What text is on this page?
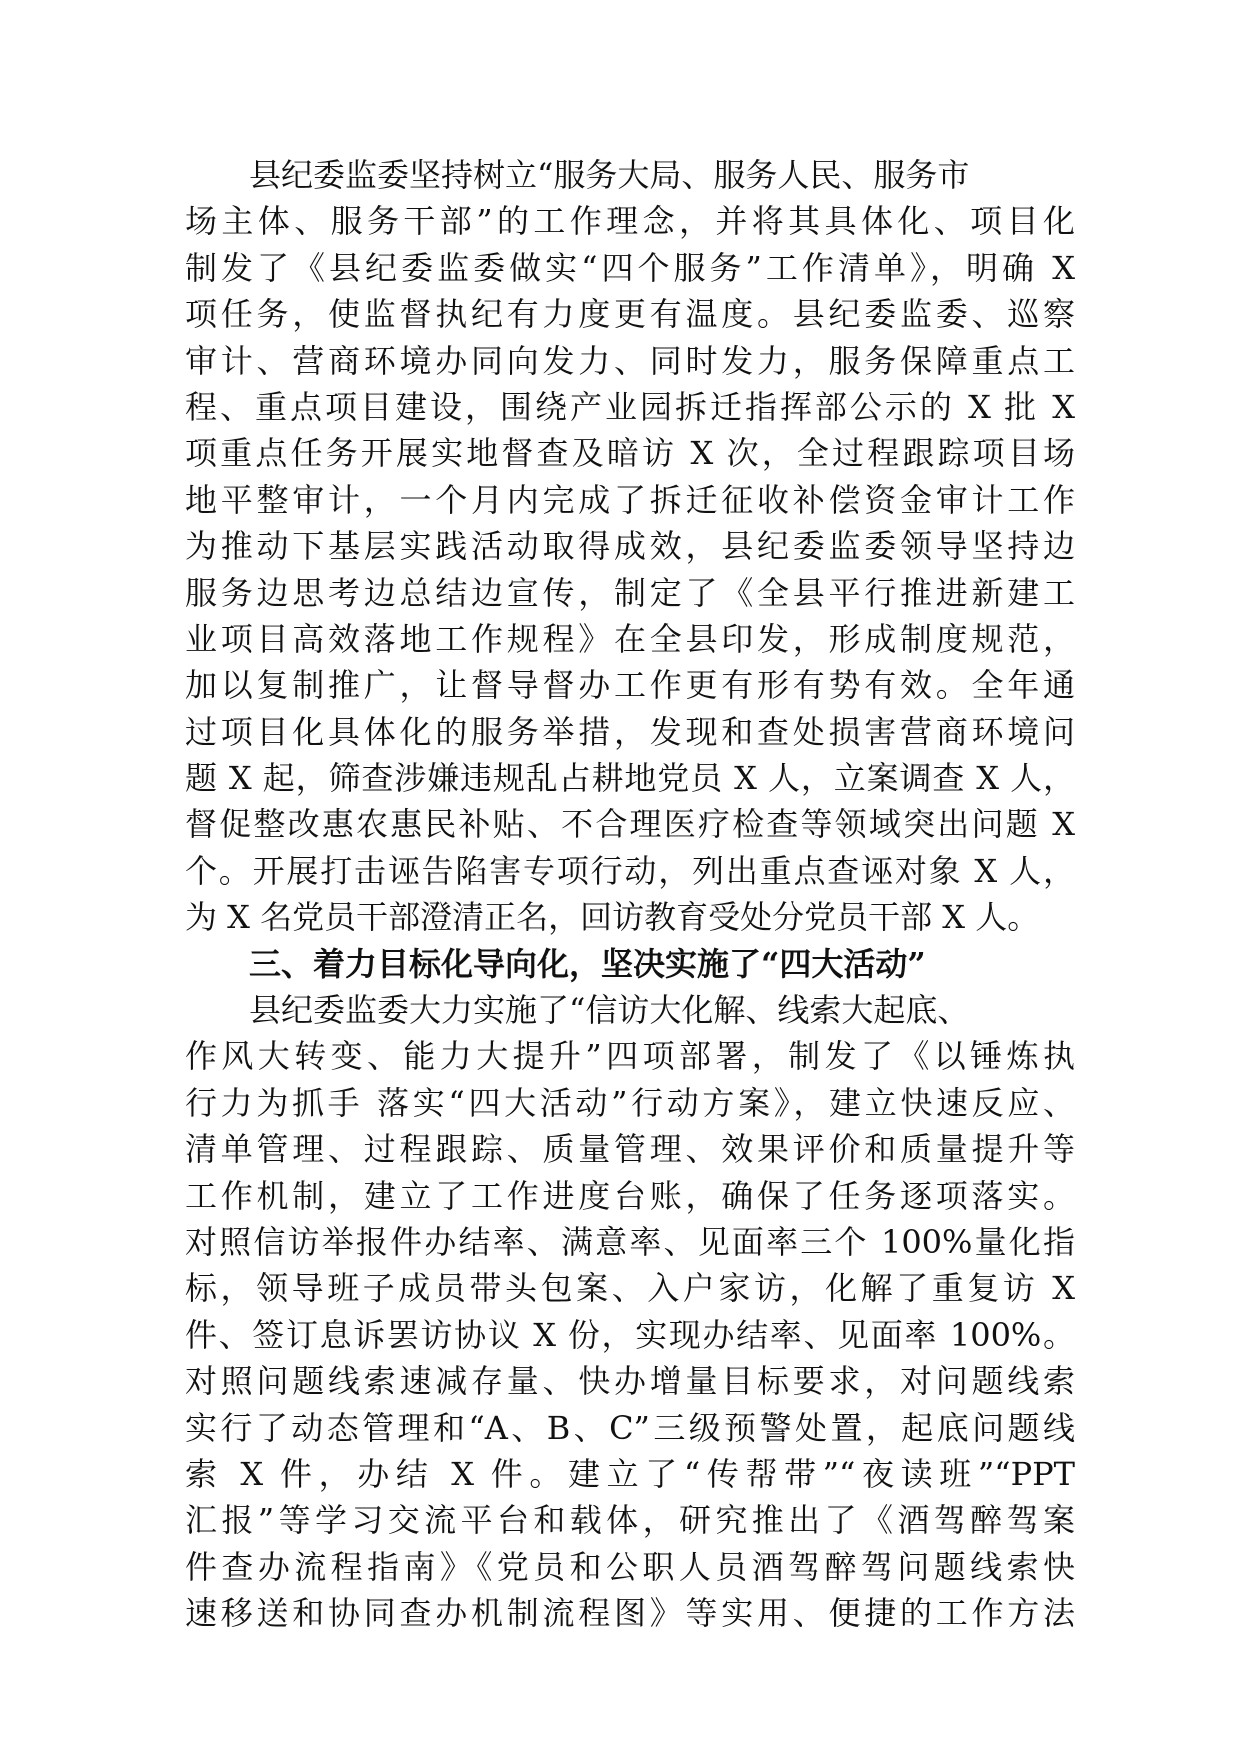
县纪委监委坚持树立“服务大局、服务人民、服务市
场主体、服务干部”的工作理念，并将其具体化、项目化
制发了《县纪委监委做实“四个服务”工作清单》，明确 X
项任务，使监督执纪有力度更有温度。县纪委监委、巡察
审计、营商环境办同向发力、同时发力，服务保障重点工
程、重点项目建设，围绕产业园拆迁指挥部公示的 X 批 X
项重点任务开展实地督查及暗访 X 次，全过程跟踪项目场
地平整审计，一个月内完成了拆迁征收补偿资金审计工作
为推动下基层实践活动取得成效，县纪委监委领导坚持边
服务边思考边总结边宣传，制定了《全县平行推进新建工
业项目高效落地工作规程》在全县印发，形成制度规范，
加以复制推广，让督导督办工作更有形有势有效。全年通
过项目化具体化的服务举措，发现和查处损害营商环境问
题 X 起，筛查涉嫌违规乱占耕地党员 X 人，立案调查 X 人，
督促整改惠农惠民补贴、不合理医疗检查等领域突出问题 X
个。开展打击诬告陷害专项行动，列出重点查诬对象 X 人，
为 X 名党员干部澄清正名，回访教育受处分党员干部 X 人。
三、着力目标化导向化，坚决实施了“四大活动”
县纪委监委大力实施了“信访大化解、线索大起底、
作风大转变、能力大提升”四项部署，制发了《以锤炼执
行力为抓手 落实“四大活动”行动方案》，建立快速反应、
清单管理、过程跟踪、质量管理、效果评价和质量提升等
工作机制，建立了工作进度台账，确保了任务逐项落实。
对照信访举报件办结率、满意率、见面率三个 100%量化指
标，领导班子成员带头包案、入户家访，化解了重复访 X
件、签订息诉罢访协议 X 份，实现办结率、见面率 100%。
对照问题线索速减存量、快办增量目标要求，对问题线索
实行了动态管理和“A、B、C”三级预警处置，起底问题线
索 X 件，办结 X 件。建立了“传帮带”“夜读班”“PPT
汇报”等学习交流平台和载体，研究推出了《酒驾醉驾案
件查办流程指南》《党员和公职人员酒驾醉驾问题线索快
速移送和协同查办机制流程图》等实用、便捷的工作方法
